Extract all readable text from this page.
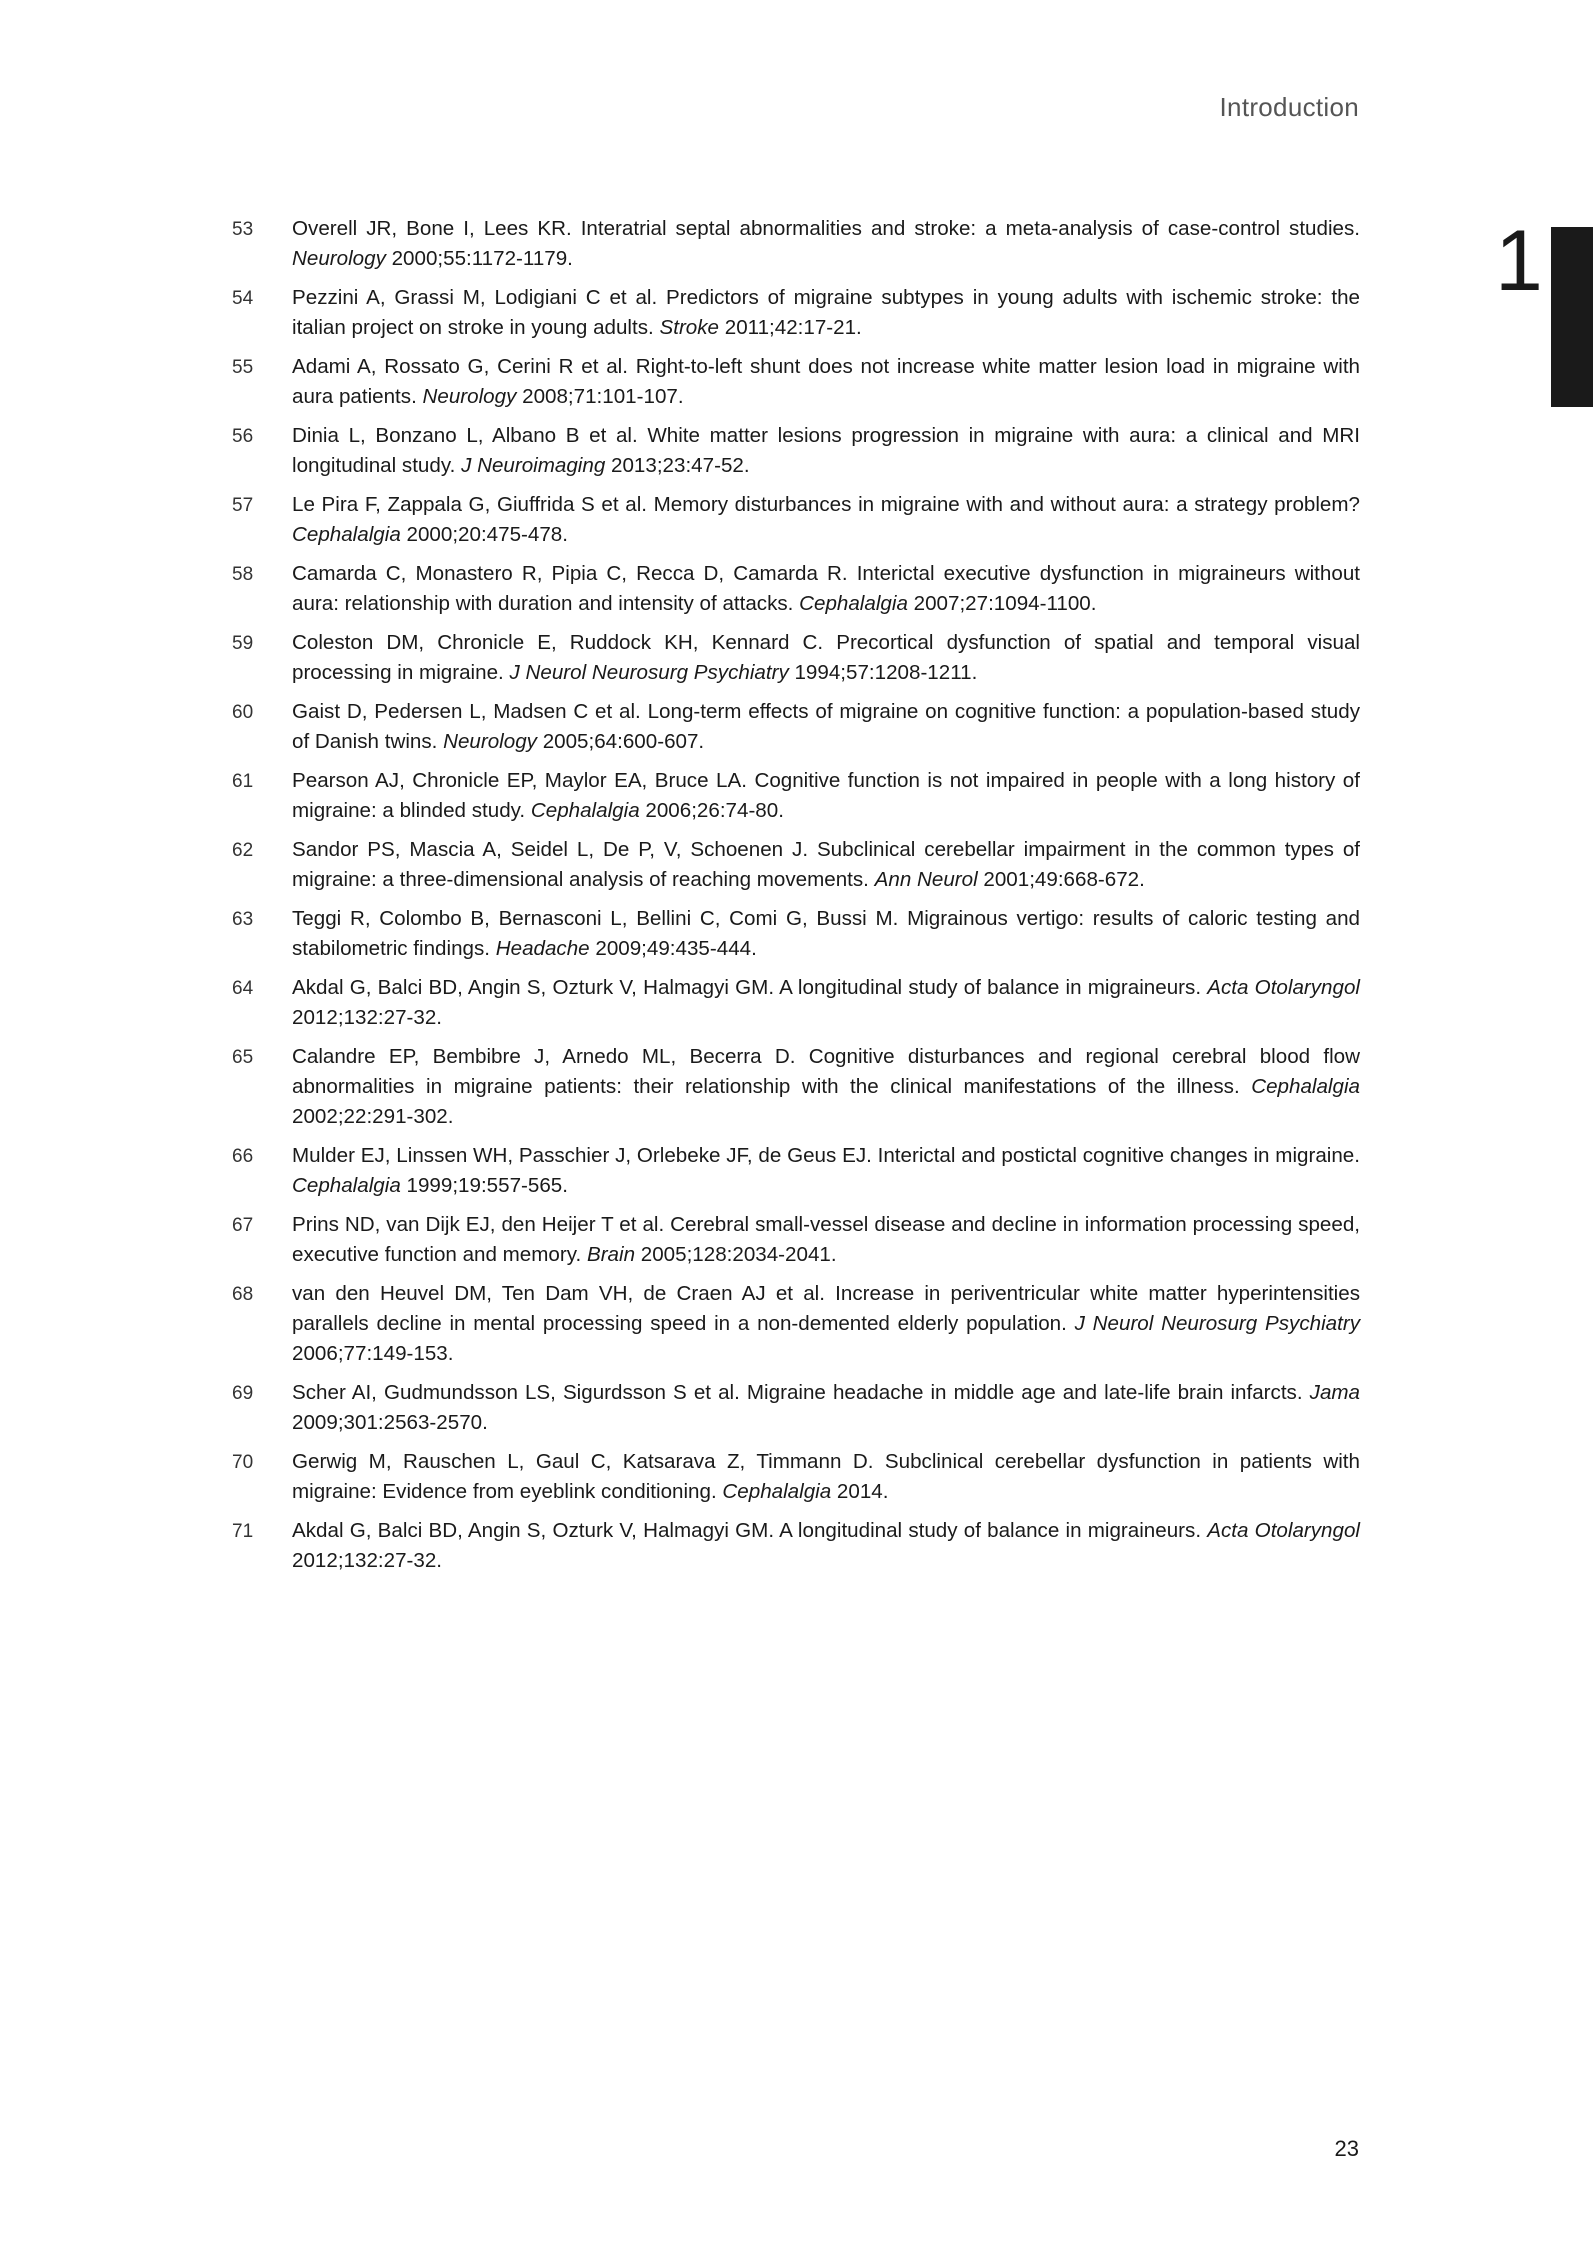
Introduction
1
53	Overell JR, Bone I, Lees KR. Interatrial septal abnormalities and stroke: a meta-analysis of case-control studies. Neurology 2000;55:1172-1179.
54	Pezzini A, Grassi M, Lodigiani C et al. Predictors of migraine subtypes in young adults with ischemic stroke: the italian project on stroke in young adults. Stroke 2011;42:17-21.
55	Adami A, Rossato G, Cerini R et al. Right-to-left shunt does not increase white matter lesion load in migraine with aura patients. Neurology 2008;71:101-107.
56	Dinia L, Bonzano L, Albano B et al. White matter lesions progression in migraine with aura: a clinical and MRI longitudinal study. J Neuroimaging 2013;23:47-52.
57	Le Pira F, Zappala G, Giuffrida S et al. Memory disturbances in migraine with and without aura: a strategy problem? Cephalalgia 2000;20:475-478.
58	Camarda C, Monastero R, Pipia C, Recca D, Camarda R. Interictal executive dysfunction in migraineurs without aura: relationship with duration and intensity of attacks. Cephalalgia 2007;27:1094-1100.
59	Coleston DM, Chronicle E, Ruddock KH, Kennard C. Precortical dysfunction of spatial and temporal visual processing in migraine. J Neurol Neurosurg Psychiatry 1994;57:1208-1211.
60	Gaist D, Pedersen L, Madsen C et al. Long-term effects of migraine on cognitive function: a population-based study of Danish twins. Neurology 2005;64:600-607.
61	Pearson AJ, Chronicle EP, Maylor EA, Bruce LA. Cognitive function is not impaired in people with a long history of migraine: a blinded study. Cephalalgia 2006;26:74-80.
62	Sandor PS, Mascia A, Seidel L, De P, V, Schoenen J. Subclinical cerebellar impairment in the common types of migraine: a three-dimensional analysis of reaching movements. Ann Neurol 2001;49:668-672.
63	Teggi R, Colombo B, Bernasconi L, Bellini C, Comi G, Bussi M. Migrainous vertigo: results of caloric testing and stabilometric findings. Headache 2009;49:435-444.
64	Akdal G, Balci BD, Angin S, Ozturk V, Halmagyi GM. A longitudinal study of balance in migraineurs. Acta Otolaryngol 2012;132:27-32.
65	Calandre EP, Bembibre J, Arnedo ML, Becerra D. Cognitive disturbances and regional cerebral blood flow abnormalities in migraine patients: their relationship with the clinical manifestations of the illness. Cephalalgia 2002;22:291-302.
66	Mulder EJ, Linssen WH, Passchier J, Orlebeke JF, de Geus EJ. Interictal and postictal cognitive changes in migraine. Cephalalgia 1999;19:557-565.
67	Prins ND, van Dijk EJ, den Heijer T et al. Cerebral small-vessel disease and decline in information processing speed, executive function and memory. Brain 2005;128:2034-2041.
68	van den Heuvel DM, Ten Dam VH, de Craen AJ et al. Increase in periventricular white matter hyperintensities parallels decline in mental processing speed in a non-demented elderly population. J Neurol Neurosurg Psychiatry 2006;77:149-153.
69	Scher AI, Gudmundsson LS, Sigurdsson S et al. Migraine headache in middle age and late-life brain infarcts. Jama 2009;301:2563-2570.
70	Gerwig M, Rauschen L, Gaul C, Katsarava Z, Timmann D. Subclinical cerebellar dysfunction in patients with migraine: Evidence from eyeblink conditioning. Cephalalgia 2014.
71	Akdal G, Balci BD, Angin S, Ozturk V, Halmagyi GM. A longitudinal study of balance in migraineurs. Acta Otolaryngol 2012;132:27-32.
23
